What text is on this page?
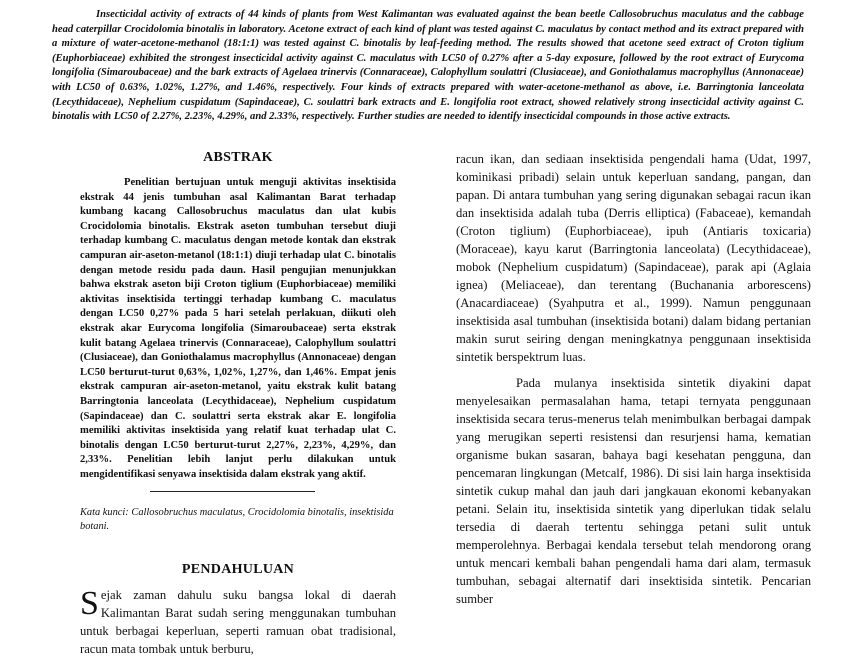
Insecticidal activity of extracts of 44 kinds of plants from West Kalimantan was evaluated against the bean beetle Callosobruchus maculatus and the cabbage head caterpillar Crocidolomia binotalis in laboratory. Acetone extract of each kind of plant was tested against C. maculatus by contact method and its extract prepared with a mixture of water-acetone-methanol (18:1:1) was tested against C. binotalis by leaf-feeding method. The results showed that acetone seed extract of Croton tiglium (Euphorbiaceae) exhibited the strongest insecticidal activity against C. maculatus with LC50 of 0.27% after a 5-day exposure, followed by the root extract of Eurycoma longifolia (Simaroubaceae) and the bark extracts of Agelaea trinervis (Connaraceae), Calophyllum soulattri (Clusiaceae), and Goniothalamus macrophyllus (Annonaceae) with LC50 of 0.63%, 1.02%, 1.27%, and 1.46%, respectively. Four kinds of extracts prepared with water-acetone-methanol as above, i.e. Barringtonia lanceolata (Lecythidaceae), Nephelium cuspidatum (Sapindaceae), C. soulattri bark extracts and E. longifolia root extract, showed relatively strong insecticidal activity against C. binotalis with LC50 of 2.27%, 2.23%, 4.29%, and 2.33%, respectively. Further studies are needed to identify insecticidal compounds in those active extracts.

ABSTRAK

Penelitian bertujuan untuk menguji aktivitas insektisida ekstrak 44 jenis tumbuhan asal Kalimantan Barat terhadap kumbang kacang Callosobruchus maculatus dan ulat kubis Crocidolomia binotalis. Ekstrak aseton tumbuhan tersebut diuji terhadap kumbang C. maculatus dengan metode kontak dan ekstrak campuran air-aseton-metanol (18:1:1) diuji terhadap ulat C. binotalis dengan metode residu pada daun. Hasil pengujian menunjukkan bahwa ekstrak aseton biji Croton tiglium (Euphorbiaceae) memiliki aktivitas insektisida tertinggi terhadap kumbang C. maculatus dengan LC50 0,27% pada 5 hari setelah perlakuan, diikuti oleh ekstrak akar Eurycoma longifolia (Simaroubaceae) serta ekstrak kulit batang Agelaea trinervis (Connaraceae), Calophyllum soulattri (Clusiaceae), dan Goniothalamus macrophyllus (Annonaceae) dengan LC50 berturut-turut 0,63%, 1,02%, 1,27%, dan 1,46%. Empat jenis ekstrak campuran air-aseton-metanol, yaitu ekstrak kulit batang Barringtonia lanceolata (Lecythidaceae), Nephelium cuspidatum (Sapindaceae) dan C. soulattri serta ekstrak akar E. longifolia memiliki aktivitas insektisida yang relatif kuat terhadap ulat C. binotalis dengan LC50 berturut-turut 2,27%, 2,23%, 4,29%, dan 2,33%. Penelitian lebih lanjut perlu dilakukan untuk mengidentifikasi senyawa insektisida dalam ekstrak yang aktif.

Kata kunci: Callosobruchus maculatus, Crocidolomia binotalis, insektisida botani.

PENDAHULUAN

S ejak zaman dahulu suku bangsa lokal di daerah Kalimantan Barat sudah sering menggunakan tumbuhan untuk berbagai keperluan, seperti ramuan obat tradisional, racun mata tombak untuk berburu,

racun ikan, dan sediaan insektisida pengendali hama (Udat, 1997, kominikasi pribadi) selain untuk keperluan sandang, pangan, dan papan. Di antara tumbuhan yang sering digunakan sebagai racun ikan dan insektisida adalah tuba (Derris elliptica) (Fabaceae), kemandah (Croton tiglium) (Euphorbiaceae), ipuh (Antiaris toxicaria) (Moraceae), kayu karut (Barringtonia lanceolata) (Lecythidaceae), mobok (Nephelium cuspidatum) (Sapindaceae), parak api (Aglaia ignea) (Meliaceae), dan terentang (Buchanania arborescens) (Anacardiaceae) (Syahputra et al., 1999). Namun penggunaan insektisida asal tumbuhan (insektisida botani) dalam bidang pertanian makin surut seiring dengan meningkatnya penggunaan insektisida sintetik berspektrum luas.

Pada mulanya insektisida sintetik diyakini dapat menyelesaikan permasalahan hama, tetapi ternyata penggunaan insektisida secara terus-menerus telah menimbulkan berbagai dampak yang merugikan seperti resistensi dan resurjensi hama, kematian organisme bukan sasaran, bahaya bagi kesehatan pengguna, dan pencemaran lingkungan (Metcalf, 1986). Di sisi lain harga insektisida sintetik cukup mahal dan jauh dari jangkauan ekonomi kebanyakan petani. Selain itu, insektisida sintetik yang diperlukan tidak selalu tersedia di daerah tertentu sehingga petani sulit untuk memperolehnya. Berbagai kendala tersebut telah mendorong orang untuk mencari kembali bahan pengendali hama dari alam, termasuk tumbuhan, sebagai alternatif dari insektisida sintetik. Pencarian sumber
